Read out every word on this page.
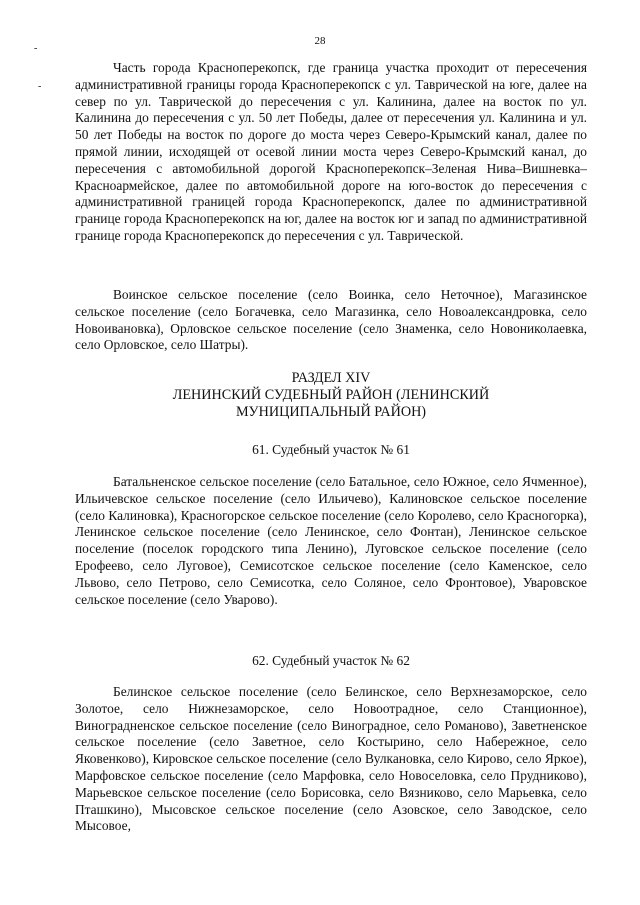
28
-
-

Часть города Красноперекопск, где граница участка проходит от пересечения административной границы города Красноперекопск с ул. Таврической на юге, далее на север по ул. Таврической до пересечения с ул. Калинина, далее на восток по ул. Калинина до пересечения с ул. 50 лет Победы, далее от пересечения ул. Калинина и ул. 50 лет Победы на восток по дороге до моста через Северо-Крымский канал, далее по прямой линии, исходящей от осевой линии моста через Северо-Крымский канал, до пересечения с автомобильной дорогой Красноперекопск–Зеленая Нива–Вишневка–Красноармейское, далее по автомобильной дороге на юго-восток до пересечения с административной границей города Красноперекопск, далее по административной границе города Красноперекопск на юг, далее на восток юг и запад по административной границе города Красноперекопск до пересечения с ул. Таврической.

Воинское сельское поселение (село Воинка, село Неточное), Магазинское сельское поселение (село Богачевка, село Магазинка, село Новоалександровка, село Новоивановка), Орловское сельское поселение (село Знаменка, село Новониколаевка, село Орловское, село Шатры).

РАЗДЕЛ XIV
ЛЕНИНСКИЙ СУДЕБНЫЙ РАЙОН (ЛЕНИНСКИЙ
МУНИЦИПАЛЬНЫЙ РАЙОН)
61. Судебный участок № 61

Батальненское сельское поселение (село Батальное, село Южное, село Ячменное), Ильичевское сельское поселение (село Ильичево), Калиновское сельское поселение (село Калиновка), Красногорское сельское поселение (село Королево, село Красногорка), Ленинское сельское поселение (село Ленинское, село Фонтан), Ленинское сельское поселение (поселок городского типа Ленино), Луговское сельское поселение (село Ерофеево, село Луговое), Семисотское сельское поселение (село Каменское, село Львово, село Петрово, село Семисотка, село Соляное, село Фронтовое), Уваровское сельское поселение (село Уварово).

62. Судебный участок № 62

Белинское сельское поселение (село Белинское, село Верхнезаморское, село Золотое, село Нижнезаморское, село Новоотрадное, село Станционное), Виноградненское сельское поселение (село Виноградное, село Романово), Заветненское сельское поселение (село Заветное, село Костырино, село Набережное, село Яковенково), Кировское сельское поселение (село Вулкановка, село Кирово, село Яркое), Марфовское сельское поселение (село Марфовка, село Новоселовка, село Прудниково), Марьевское сельское поселение (село Борисовка, село Вязниково, село Марьевка, село Пташкино), Мысовское сельское поселение (село Азовское, село Заводское, село Мысовое,
